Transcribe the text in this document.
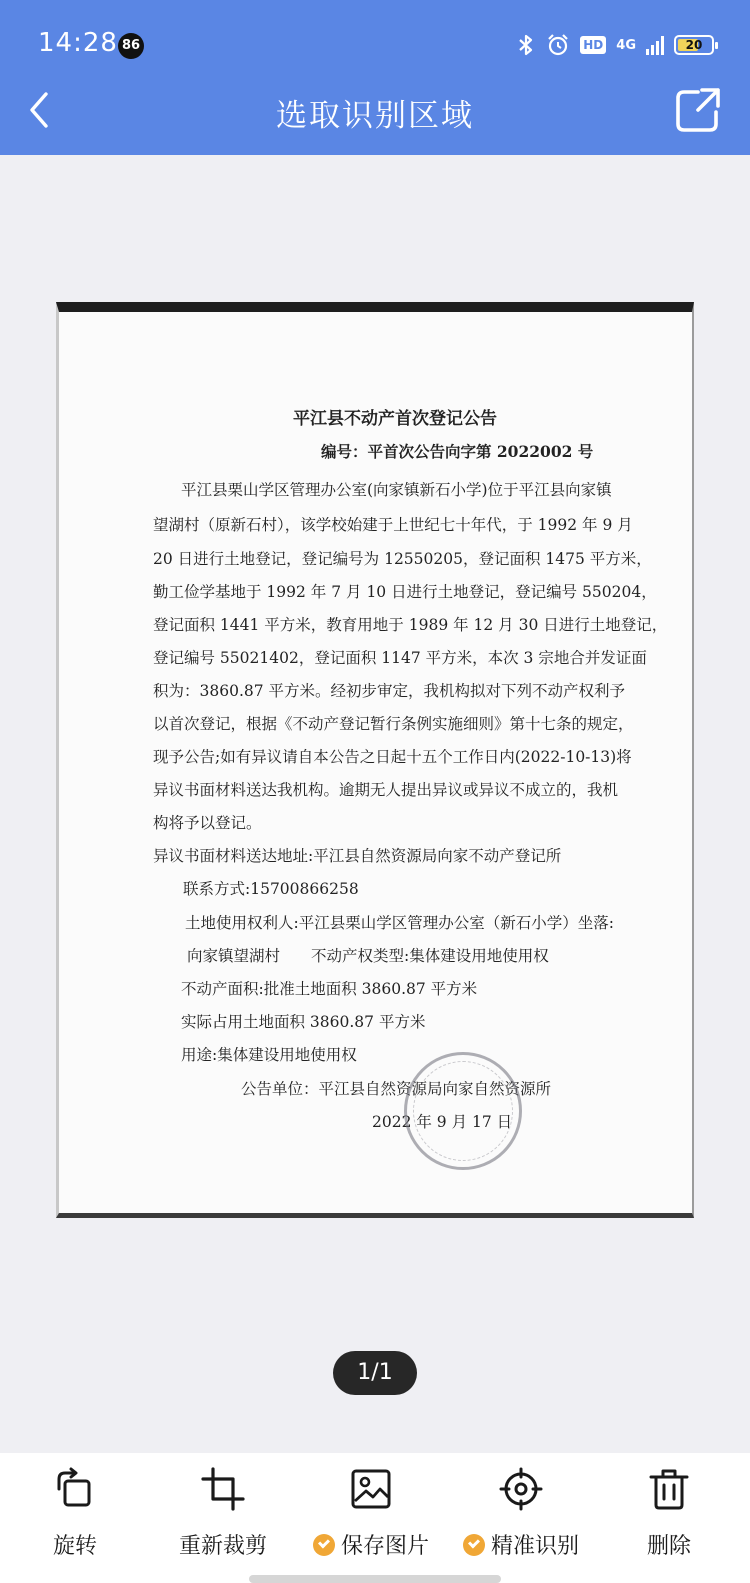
14:28 86	HD 4G	20
选取识别区域
平江县不动产首次登记公告
编号：平首次公告向字第 2022002 号
平江县栗山学区管理办公室(向家镇新石小学)位于平江县向家镇
望湖村（原新石村），该学校始建于上世纪七十年代，于 1992 年 9 月
20 日进行土地登记，登记编号为 12550205，登记面积 1475 平方米，
勤工俭学基地于 1992 年 7 月 10 日进行土地登记，登记编号 550204，
登记面积 1441 平方米，教育用地于 1989 年 12 月 30 日进行土地登记，
登记编号 55021402，登记面积 1147 平方米，本次 3 宗地合并发证面
积为：3860.87 平方米。经初步审定，我机构拟对下列不动产权利予
以首次登记，根据《不动产登记暂行条例实施细则》第十七条的规定，
现予公告;如有异议请自本公告之日起十五个工作日内(2022-10-13)将
异议书面材料送达我机构。逾期无人提出异议或异议不成立的，我机
构将予以登记。
异议书面材料送达地址:平江县自然资源局向家不动产登记所
联系方式:15700866258
土地使用权利人:平江县栗山学区管理办公室（新石小学）坐落:
向家镇望湖村　　不动产权类型:集体建设用地使用权
不动产面积:批准土地面积 3860.87 平方米
实际占用土地面积 3860.87 平方米
用途:集体建设用地使用权
公告单位：平江县自然资源局向家自然资源所
2022 年 9 月 17 日
1/1
旋转	重新裁剪	保存图片	精准识别	删除
